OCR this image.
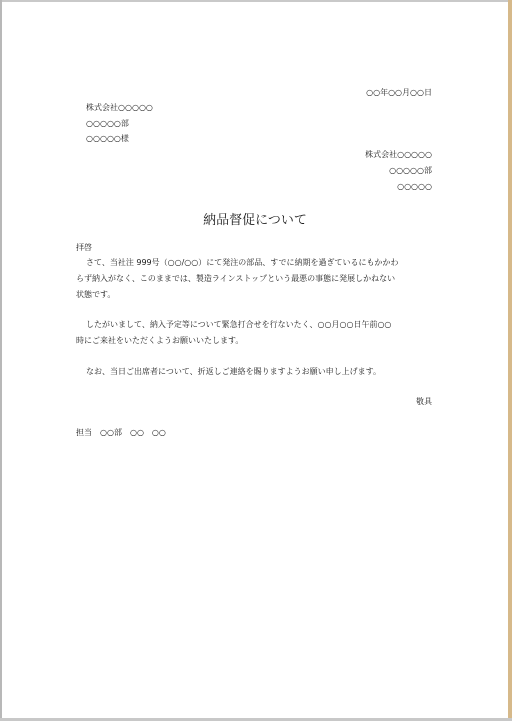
○○年○○月○○日
株式会社○○○○○
○○○○○部
○○○○○様
株式会社○○○○○
○○○○○部
○○○○○
納品督促について
拝啓
さて、当社注 999号（○○/○○）にて発注の部品、すでに納期を過ぎているにもかかわ
らず納入がなく、このままでは、製造ラインストップという最悪の事態に発展しかねない
状態です。
したがいまして、納入予定等について緊急打合せを行ないたく、○○月○○日午前○○
時にご来社をいただくようお願いいたします。
なお、当日ご出席者について、折返しご連絡を賜りますようお願い申し上げます。
敬具
担当　○○部　○○　○○
